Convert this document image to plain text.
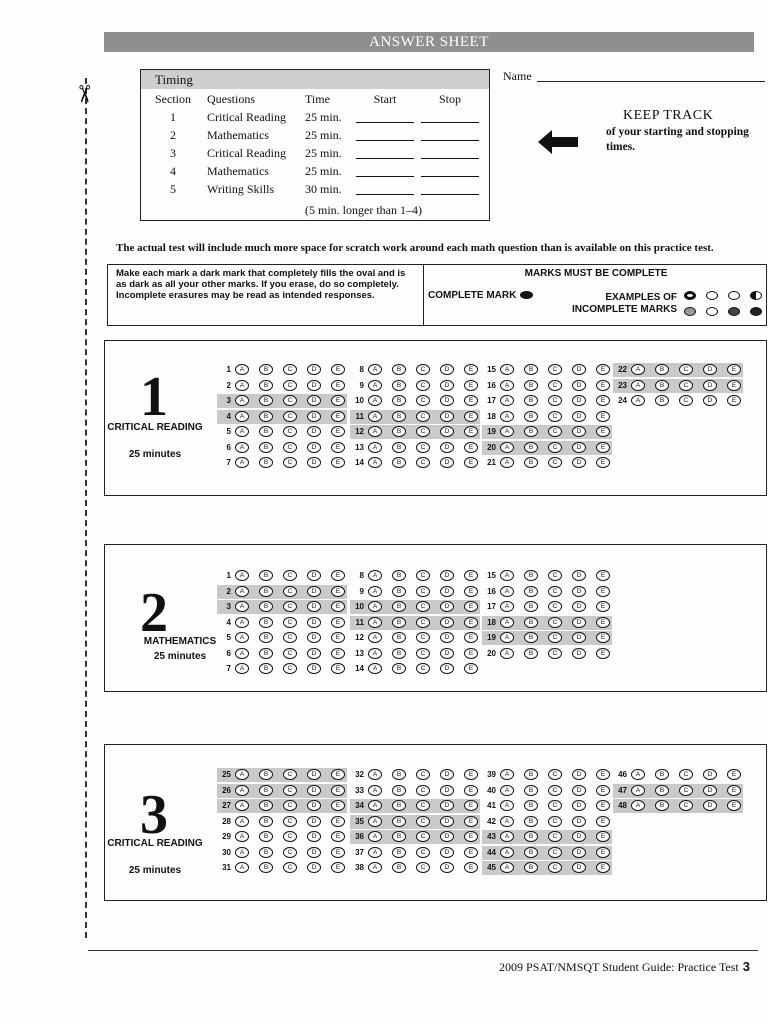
✂
ANSWER SHEET
Timing
Section Questions	Time	Start	Stop
1	Critical Reading 25 min.
2	Mathematics	25 min.
3	Critical Reading 25 min.
4	Mathematics	25 min.
5	Writing Skills	30 min.
(5 min. longer than 1–4)
Name
KEEP TRACK
of your starting and stopping times.
The actual test will include much more space for scratch work around each math question than is available on this practice test.
Make each mark a dark mark that completely fills the oval and is as dark as all your other marks. If you erase, do so completely. Incomplete erasures may be read as intended responses.
MARKS MUST BE COMPLETE
COMPLETE MARK	EXAMPLES OF INCOMPLETE MARKS
1
CRITICAL READING
25 minutes
1	A	B	C	D	E
2	A	B	C	D	E
3	A	B	C	D	E
4	A	B	C	D	E
5	A	B	C	D	E
6	A	B	C	D	E
7	A	B	C	D	E
8	A	B	C	D	E
9	A	B	C	D	E
10	A	B	C	D	E
11	A	B	C	D	E
12	A	B	C	D	E
13	A	B	C	D	E
14	A	B	C	D	E
15	A	B	C	D	E
16	A	B	C	D	E
17	A	B	C	D	E
18	A	B	C	D	E
19	A	B	C	D	E
20	A	B	C	D	E
21	A	B	C	D	E
22	A	B	C	D	E
23	A	B	C	D	E
24	A	B	C	D	E
2
MATHEMATICS
25 minutes
1	A	B	C	D	E
2	A	B	C	D	E
3	A	B	C	D	E
4	A	B	C	D	E
5	A	B	C	D	E
6	A	B	C	D	E
7	A	B	C	D	E
8	A	B	C	D	E
9	A	B	C	D	E
10	A	B	C	D	E
11	A	B	C	D	E
12	A	B	C	D	E
13	A	B	C	D	E
14	A	B	C	D	E
15	A	B	C	D	E
16	A	B	C	D	E
17	A	B	C	D	E
18	A	B	C	D	E
19	A	B	C	D	E
20	A	B	C	D	E
3
CRITICAL READING
25 minutes
25	A	B	C	D	E
26	A	B	C	D	E
27	A	B	C	D	E
28	A	B	C	D	E
29	A	B	C	D	E
30	A	B	C	D	E
31	A	B	C	D	E
32	A	B	C	D	E
33	A	B	C	D	E
34	A	B	C	D	E
35	A	B	C	D	E
36	A	B	C	D	E
37	A	B	C	D	E
38	A	B	C	D	E
39	A	B	C	D	E
40	A	B	C	D	E
41	A	B	C	D	E
42	A	B	C	D	E
43	A	B	C	D	E
44	A	B	C	D	E
45	A	B	C	D	E
46	A	B	C	D	E
47	A	B	C	D	E
48	A	B	C	D	E
2009 PSAT/NMSQT Student Guide: Practice Test 3
